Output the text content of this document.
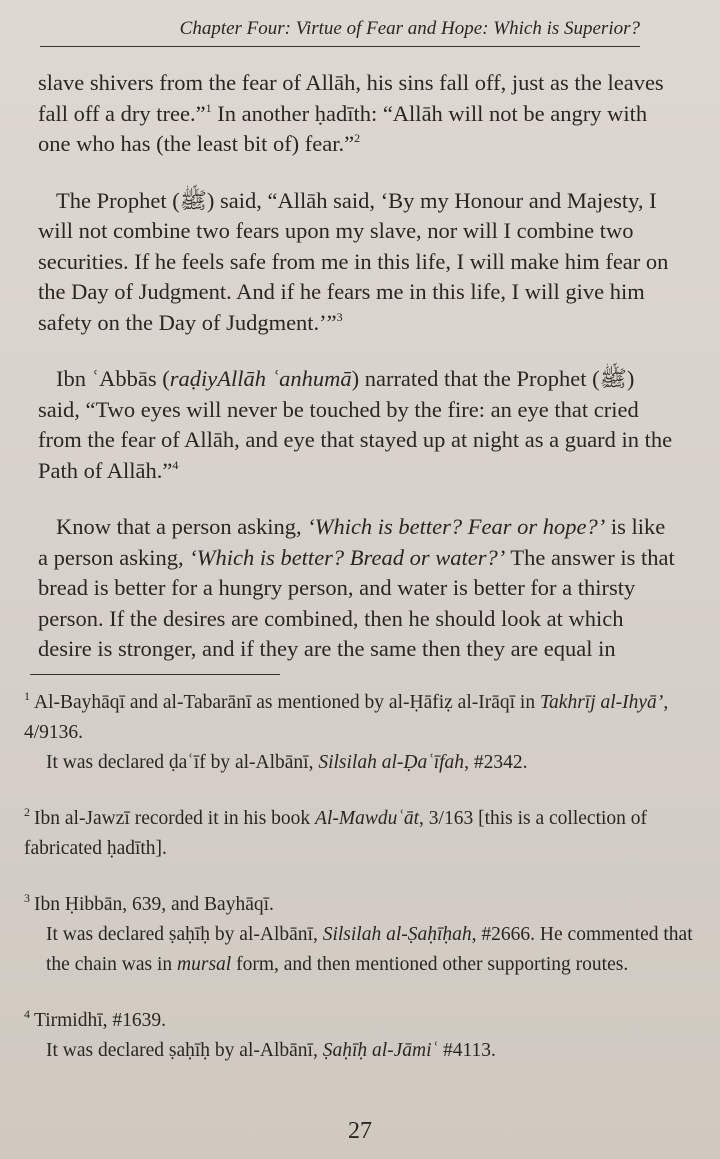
Chapter Four: Virtue of Fear and Hope: Which is Superior?

slave shivers from the fear of Allāh, his sins fall off, just as the leaves fall off a dry tree.”$^1$ In another ḥadīth: “Allāh will not be angry with one who has (the least bit of) fear.”$^2$

The Prophet (ﷺ) said, “Allāh said, ‘By my Honour and Majesty, I will not combine two fears upon my slave, nor will I combine two securities. If he feels safe from me in this life, I will make him fear on the Day of Judgment. And if he fears me in this life, I will give him safety on the Day of Judgment.’”$^3$

Ibn ʿAbbās (raḍiyAllāh ʿanhumā) narrated that the Prophet (ﷺ) said, “Two eyes will never be touched by the fire: an eye that cried from the fear of Allāh, and eye that stayed up at night as a guard in the Path of Allāh.”$^4$

Know that a person asking, ‘Which is better? Fear or hope?’ is like a person asking, ‘Which is better? Bread or water?’ The answer is that bread is better for a hungry person, and water is better for a thirsty person. If the desires are combined, then he should look at which desire is stronger, and if they are the same then they are equal in

$^1$ Al-Bayhāqī and al-Tabarānī as mentioned by al-Ḥāfiẓ al-Irāqī in Takhrīj al-Ihyā’, 4/9136.
It was declared ḍaʿīf by al-Albānī, Silsilah al-Ḍaʿīfah, #2342.
$^2$ Ibn al-Jawzī recorded it in his book Al-Mawduʿāt, 3/163 [this is a collection of fabricated ḥadīth].
$^3$ Ibn Ḥibbān, 639, and Bayhāqī.
It was declared ṣaḥīḥ by al-Albānī, Silsilah al-Ṣaḥīḥah, #2666. He commented that the chain was in mursal form, and then mentioned other supporting routes.
$^4$ Tirmidhī, #1639.
It was declared ṣaḥīḥ by al-Albānī, Ṣaḥīḥ al-Jāmiʿ #4113.
27
